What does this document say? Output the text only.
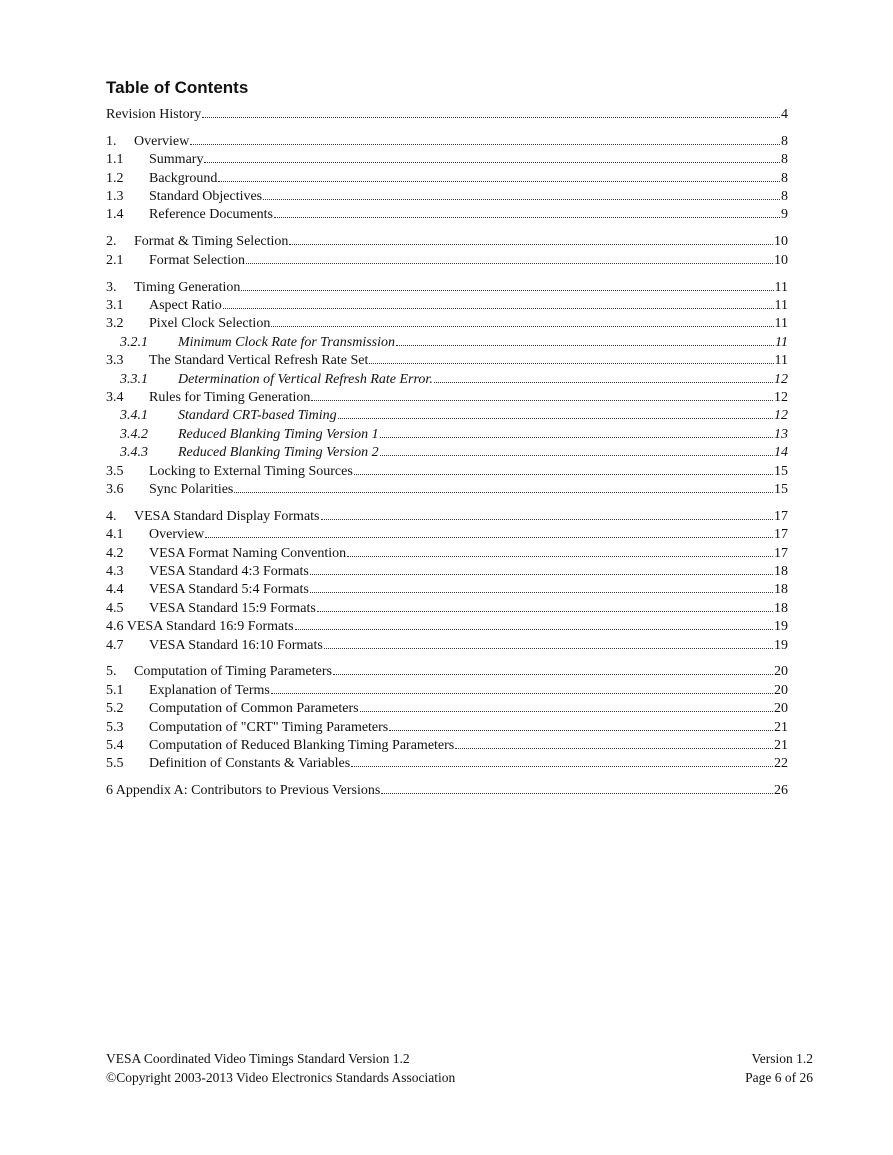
Table of Contents
Revision History	4
1.	Overview	8
1.1	Summary	8
1.2	Background	8
1.3	Standard Objectives	8
1.4	Reference Documents	9
2.	Format & Timing Selection	10
2.1	Format Selection	10
3.	Timing Generation	11
3.1	Aspect Ratio	11
3.2	Pixel Clock Selection	11
3.2.1	Minimum Clock Rate for Transmission	11
3.3	The Standard Vertical Refresh Rate Set	11
3.3.1	Determination of Vertical Refresh Rate Error.	12
3.4	Rules for Timing Generation	12
3.4.1	Standard CRT-based Timing	12
3.4.2	Reduced Blanking Timing Version 1	13
3.4.3	Reduced Blanking Timing Version 2	14
3.5	Locking to External Timing Sources	15
3.6	Sync Polarities	15
4.	VESA Standard Display Formats	17
4.1	Overview	17
4.2	VESA Format Naming Convention	17
4.3	VESA Standard 4:3 Formats	18
4.4	VESA Standard 5:4 Formats	18
4.5	VESA Standard 15:9 Formats	18
4.6 VESA Standard 16:9 Formats	19
4.7	VESA Standard 16:10 Formats	19
5.	Computation of Timing Parameters	20
5.1	Explanation of Terms	20
5.2	Computation of Common Parameters	20
5.3	Computation of "CRT" Timing Parameters	21
5.4	Computation of Reduced Blanking Timing Parameters	21
5.5	Definition of Constants & Variables	22
6 Appendix A: Contributors to Previous Versions	26
VESA Coordinated Video Timings Standard Version 1.2	Version 1.2
©Copyright 2003-2013 Video Electronics Standards Association	Page 6 of 26
